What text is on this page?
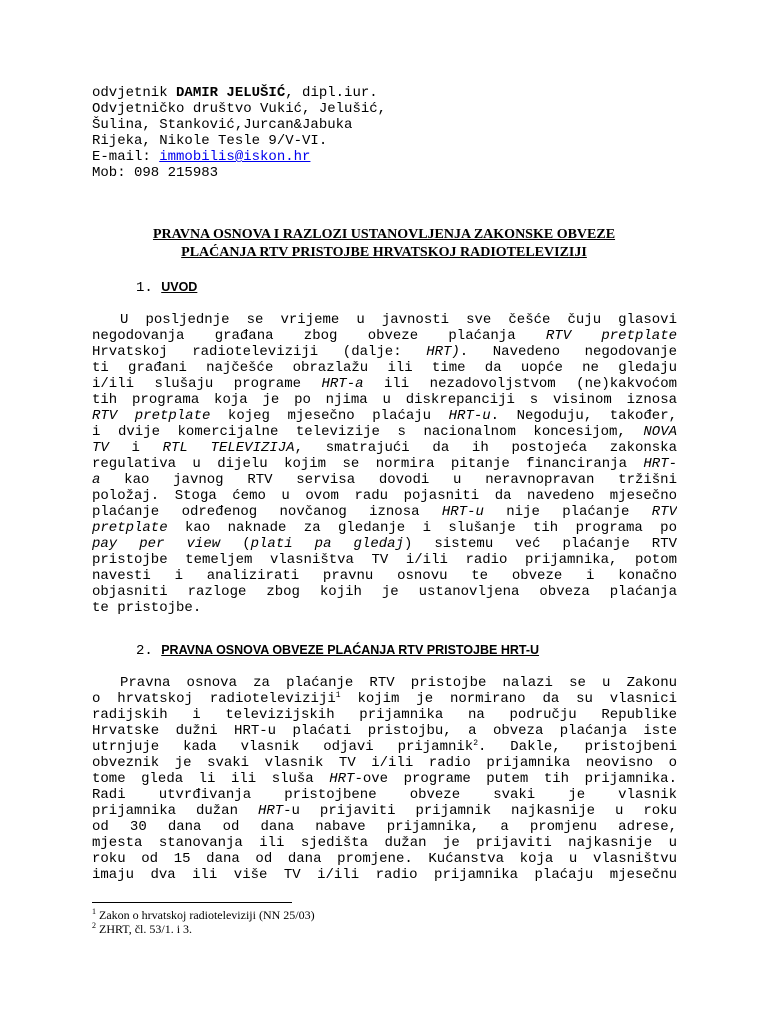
odvjetnik DAMIR JELUŠIĆ, dipl.iur.
Odvjetničko društvo Vukić, Jelušić,
Šulina, Stanković,Jurcan&Jabuka
Rijeka, Nikole Tesle 9/V-VI.
E-mail: immobilis@iskon.hr
Mob: 098 215983
PRAVNA OSNOVA I RAZLOZI USTANOVLJENJA ZAKONSKE OBVEZE
PLAĆANJA RTV PRISTOJBE HRVATSKOJ RADIOTELEVIZIJI
1. UVOD
U posljednje se vrijeme u javnosti sve češće čuju glasovi
negodovanja građana zbog obveze plaćanja RTV pretplate
Hrvatskoj radioteleviziji (dalje: HRT). Navedeno negodovanje
ti građani najčešće obrazlažu ili time da uopće ne gledaju
i/ili slušaju programe HRT-a ili nezadovoljstvom (ne)kakvoćom
tih programa koja je po njima u diskrepanciji s visinom iznosa
RTV pretplate kojeg mjesečno plaćaju HRT-u. Negoduju, također,
i dvije komercijalne televizije s nacionalnom koncesijom, NOVA
TV i RTL TELEVIZIJA, smatrajući da ih postojeća zakonska
regulativa u dijelu kojim se normira pitanje financiranja HRT-
a kao javnog RTV servisa dovodi u neravnopravan tržišni
položaj. Stoga ćemo u ovom radu pojasniti da navedeno mjesečno
plaćanje određenog novčanog iznosa HRT-u nije plaćanje RTV
pretplate kao naknade za gledanje i slušanje tih programa po
pay per view (plati pa gledaj) sistemu već plaćanje RTV
pristojbe temeljem vlasništva TV i/ili radio prijamnika, potom
navesti i analizirati pravnu osnovu te obveze i konačno
objasniti razloge zbog kojih je ustanovljena obveza plaćanja
te pristojbe.
2. PRAVNA OSNOVA OBVEZE PLAĆANJA RTV PRISTOJBE HRT-U
Pravna osnova za plaćanje RTV pristojbe nalazi se u Zakonu
o hrvatskoj radioteleviziji$^1$ kojim je normirano da su vlasnici
radijskih i televizijskih prijamnika na području Republike
Hrvatske dužni HRT-u plaćati pristojbu, a obveza plaćanja iste
utrnjuje kada vlasnik odjavi prijamnik$^2$. Dakle, pristojbeni
obveznik je svaki vlasnik TV i/ili radio prijamnika neovisno o
tome gleda li ili sluša HRT-ove programe putem tih prijamnika.
Radi utvrđivanja pristojbene obveze svaki je vlasnik
prijamnika dužan HRT-u prijaviti prijamnik najkasnije u roku
od 30 dana od dana nabave prijamnika, a promjenu adrese,
mjesta stanovanja ili sjedišta dužan je prijaviti najkasnije u
roku od 15 dana od dana promjene. Kućanstva koja u vlasništvu
imaju dva ili više TV i/ili radio prijamnika plaćaju mjesečnu
$^1$ Zakon o hrvatskoj radioteleviziji (NN 25/03)
$^2$ ZHRT, čl. 53/1. i 3.
